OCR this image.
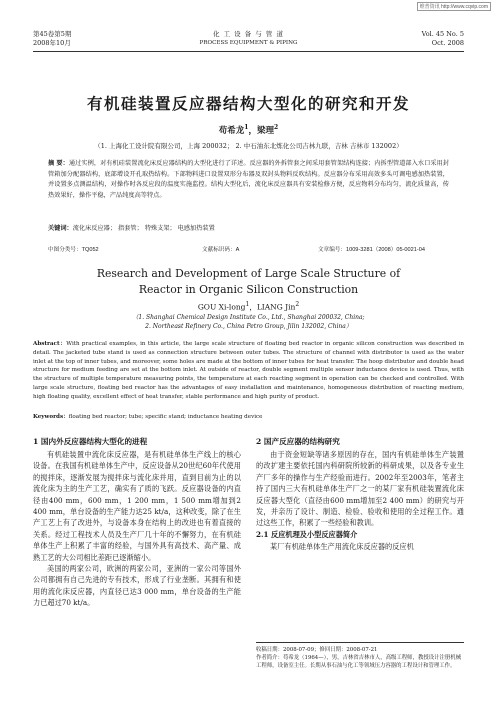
维普资讯 http://www.cqvip.com
第45卷第5期
2008年10月
化 工 设 备 与 管 道
PROCESS EQUIPMENT & PIPING
Vol. 45 No. 5
Oct. 2008
有机硅装置反应器结构大型化的研究和开发
苟希龙$^1$，梁理$^2$
（1. 上海化工设计院有限公司，上海 200032； 2. 中石油东北炼化公司吉林九联，吉林 吉林市 132002）
摘 要：通过实例，对有机硅装置流化床反应器结构的大型化进行了详述。反应器的外拆管套之间采用套管架结构连接；内拆型管道部入水口采用封管箱加分配器结构，底部增设开孔取热结构。下部物料进口设置双形分布器及双封头物料反吹结构。反应器分布采用高效多头可调电感加热装置，并设置多点测温结构，对操作时各反应段的温度实施监控。结构大型化后，流化床反应器具有安装检修方便，反应物料分布均匀，流化质量高，传热效果好，操作平稳，产品纯度高等特点。
关键词：流化床反应器； 指套管； 特殊支架； 电感加热装置
中图分类号：TQ052	文献标识码：A	文章编号：1009-3281（2008）05-0021-04
Research and Development of Large Scale Structure of
Reactor in Organic Silicon Construction
GOU Xi-long$^1$，LIANG Jin$^2$
（1. Shanghai Chemical Design Institute Co., Ltd., Shanghai 200032, China;
2. Northeast Refinery Co., China Petro Group, Jilin 132002, China）
Abstract：With practical examples, in this article, the large scale structure of floating bed reactor in organic silicon construction was described in detail. The jacketed tube stand is used as connection structure between outer tubes. The structure of channel with distributor is used as the water inlet at the top of inner tubes, and moreover, some holes are made at the bottom of inner tubes for heat transfer. The hoop distributor and double head structure for medium feeding are set at the bottom inlet. At outside of reactor, double segment multiple sensor inductance device is used. Thus, with the structure of multiple temperature measuring points, the temperature at each reacting segment in operation can be checked and controlled. With large scale structure, floating bed reactor has the advantages of easy installation and maintenance, homogeneous distribution of reacting medium, high floating quality, excellent effect of heat transfer, stable performance and high purity of product.
Keywords：floating bed reactor; tube; specific stand; inductance heating device
1 国内外反应器结构大型化的进程
有机硅装置中流化床反应器，是有机硅单体生产线上的核心设备。在我国有机硅单体生产中，反应设备从20世纪60年代使用的搅拌床，逐渐发展为搅拌床与流化床并用，直到目前为止的以流化床为主的生产工艺，确实有了质的飞跃。反应器设备的内直径由400 mm，600 mm，1 200 mm，1 500 mm增加到2 400 mm，单台设备的生产能力达25 kt/a，这种改变，除了在生产工艺上有了改进外，与设备本身在结构上的改进也有着直接的关系。经过工程技术人员及生产厂几十年的不懈努力，在有机硅单体生产上积累了丰富的经验，与国外具有高技术、高产量、成熟工艺的大公司相比差距已逐渐缩小。
美国的两家公司，欧洲的两家公司，亚洲的一家公司等国外公司都拥有自己先进的专有技术，形成了行业垄断。其拥有和使用的流化床反应器，内直径已达3 000 mm，单台设备的生产能力已超过70 kt/a。
2 国产反应器的结构研究
由于资金短缺等诸多原因的存在，国内有机硅单体生产装置的改扩建主要依托国内科研院所较新的科研成果，以及各专业生产厂多年的操作与生产经验而进行。2002年至2003年，笔者主持了国内三大有机硅单体生产厂之一的某厂家有机硅装置流化床反应器大型化（直径由600 mm增加至2 400 mm）的研究与开发，并亲历了设计、制造、检验、验收和使用的全过程工作。通过这些工作，积累了一些经验和教训。
2.1 反应机理及小型反应器简介
某厂有机硅单体生产用流化床反应器的反应机
收稿日期：2008-07-09；修回日期：2008-07-21
作者简介：苟希龙（1964—），男，吉林省吉林市人，高级工程师，教授设计注册机械工程师，设备室主任。长期从事石油与化工等领域压力容器的工程设计和管理工作。
